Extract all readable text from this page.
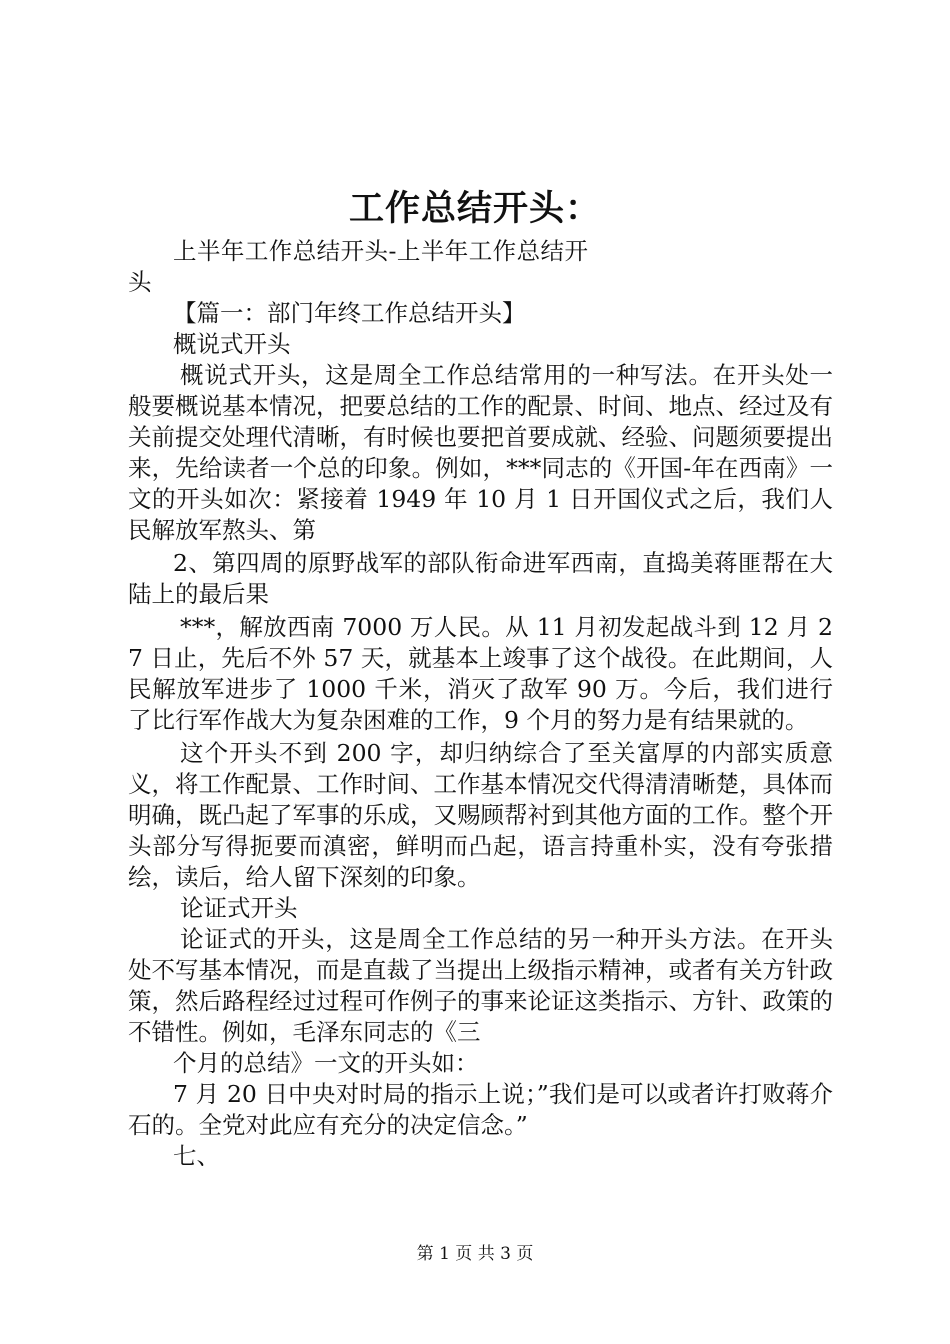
工作总结开头：

上半年工作总结开头-上半年工作总结开头

【篇一：部门年终工作总结开头】

概说式开头

概说式开头，这是周全工作总结常用的一种写法。在开头处一般要概说基本情况，把要总结的工作的配景、时间、地点、经过及有关前提交处理代清晰，有时候也要把首要成就、经验、问题须要提出来，先给读者一个总的印象。例如，***同志的《开国-年在西南》一文的开头如次：紧接着 1949 年 10 月 1 日开国仪式之后，我们人民解放军熬头、第

2、第四周的原野战军的部队衔命进军西南，直捣美蒋匪帮在大陆上的最后果

***，解放西南 7000 万人民。从 11 月初发起战斗到 12 月 27 日止，先后不外 57 天，就基本上竣事了这个战役。在此期间，人民解放军进步了 1000 千米，消灭了敌军 90 万。今后，我们进行了比行军作战大为复杂困难的工作，9 个月的努力是有结果就的。

这个开头不到 200 字，却归纳综合了至关富厚的内部实质意义，将工作配景、工作时间、工作基本情况交代得清清晰楚，具体而明确，既凸起了军事的乐成，又赐顾帮衬到其他方面的工作。整个开头部分写得扼要而滇密，鲜明而凸起，语言持重朴实，没有夸张措绘，读后，给人留下深刻的印象。

论证式开头

论证式的开头，这是周全工作总结的另一种开头方法。在开头处不写基本情况，而是直裁了当提出上级指示精神，或者有关方针政策，然后路程经过过程可作例子的事来论证这类指示、方针、政策的不错性。例如，毛泽东同志的《三

个月的总结》一文的开头如：

7 月 20 日中央对时局的指示上说；”我们是可以或者许打败蒋介石的。全党对此应有充分的决定信念。”

七、

第 1 页 共 3 页
